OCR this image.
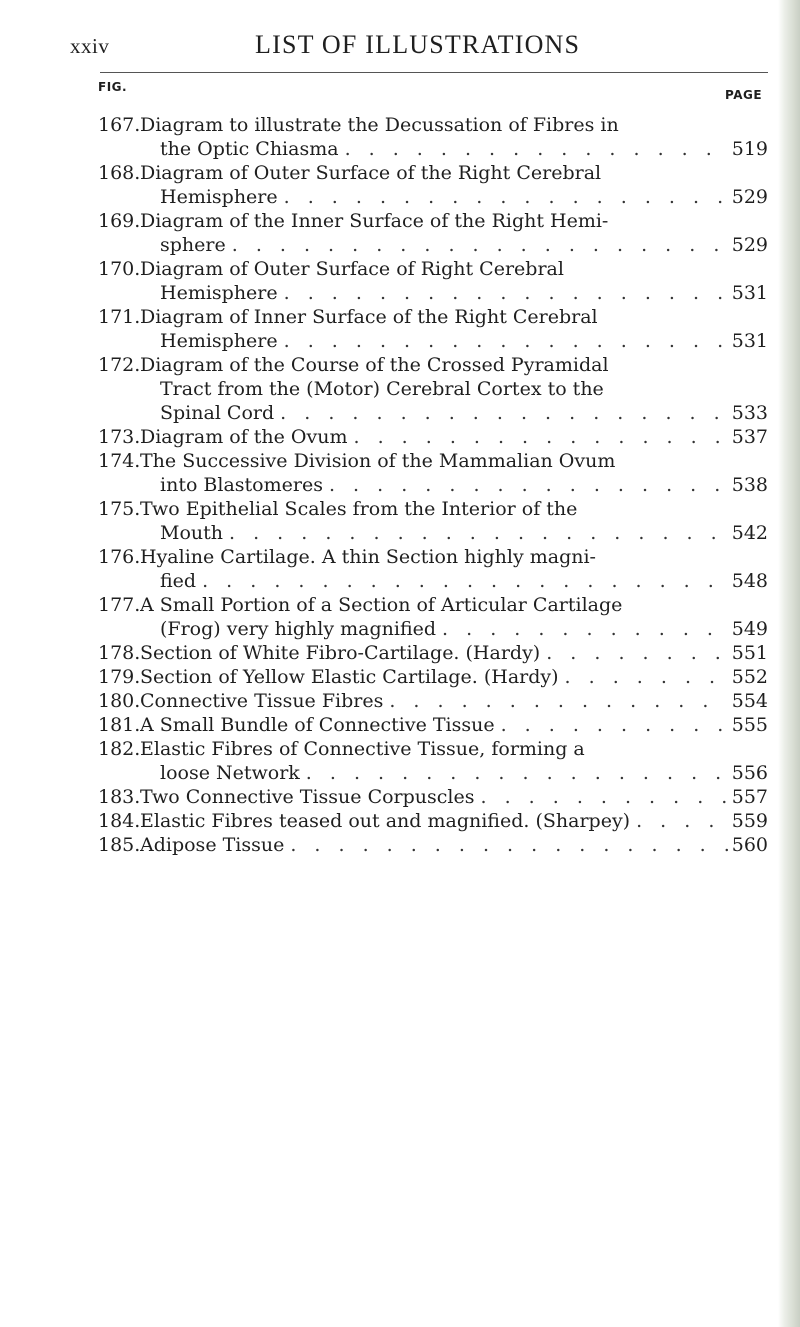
xxiv	LIST OF ILLUSTRATIONS
FIG.
PAGE
167. Diagram to illustrate the Decussation of Fibres in
the Optic Chiasma . . .	519
168. Diagram of Outer Surface of the Right Cerebral
Hemisphere . . .	529
169. Diagram of the Inner Surface of the Right Hemi-
sphere . . .	529
170. Diagram of Outer Surface of Right Cerebral
Hemisphere . . .	531
171. Diagram of Inner Surface of the Right Cerebral
Hemisphere . . .	531
172. Diagram of the Course of the Crossed Pyramidal
Tract from the (Motor) Cerebral Cortex to the
Spinal Cord . . .	533
173. Diagram of the Ovum . . .	537
174. The Successive Division of the Mammalian Ovum
into Blastomeres . . .	538
175. Two Epithelial Scales from the Interior of the
Mouth . . .	542
176. Hyaline Cartilage. A thin Section highly magni-
fied . . .	548
177. A Small Portion of a Section of Articular Cartilage
(Frog) very highly magnified . . .	549
178. Section of White Fibro-Cartilage. (Hardy) . . .	551
179. Section of Yellow Elastic Cartilage. (Hardy) . . .	552
180. Connective Tissue Fibres . . .	554
181. A Small Bundle of Connective Tissue . . .	555
182. Elastic Fibres of Connective Tissue, forming a
loose Network . . .	556
183. Two Connective Tissue Corpuscles . . .	557
184. Elastic Fibres teased out and magnified. (Sharpey) . . .	559
185. Adipose Tissue . . .	560
